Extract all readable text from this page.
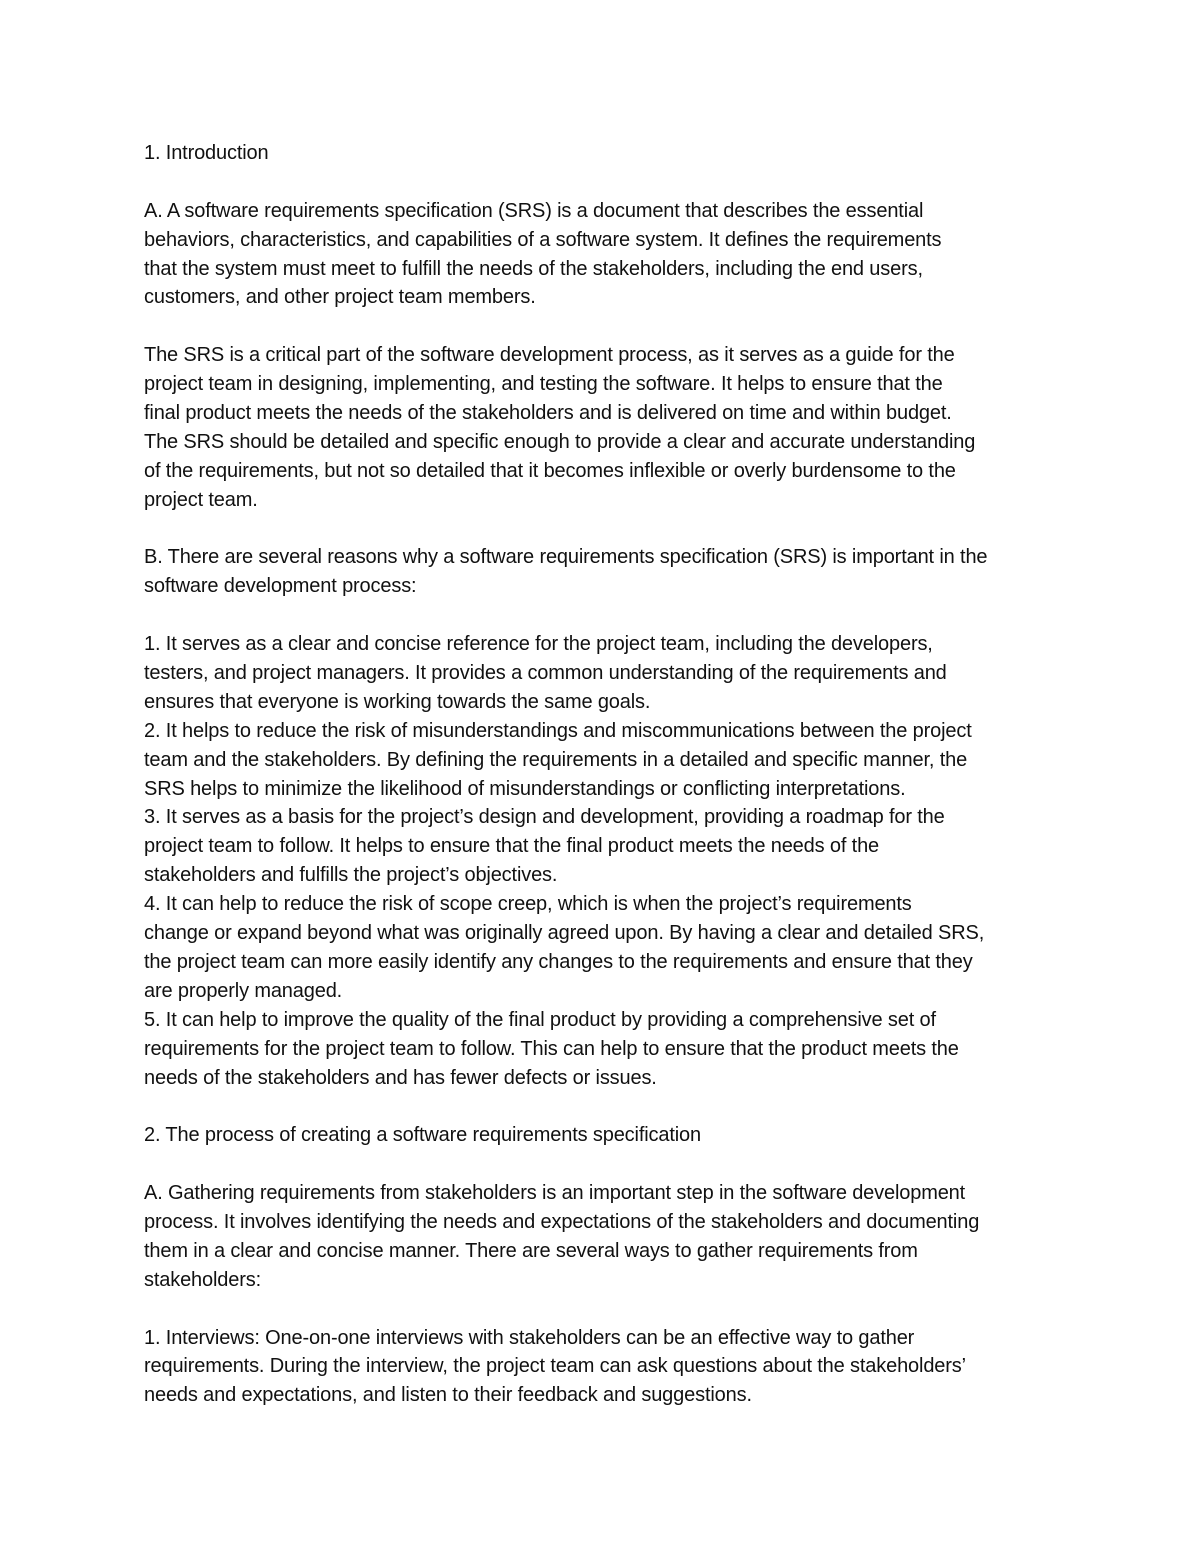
1. Introduction
A. A software requirements specification (SRS) is a document that describes the essential
behaviors, characteristics, and capabilities of a software system. It defines the requirements
that the system must meet to fulfill the needs of the stakeholders, including the end users,
customers, and other project team members.
The SRS is a critical part of the software development process, as it serves as a guide for the
project team in designing, implementing, and testing the software. It helps to ensure that the
final product meets the needs of the stakeholders and is delivered on time and within budget.
The SRS should be detailed and specific enough to provide a clear and accurate understanding
of the requirements, but not so detailed that it becomes inflexible or overly burdensome to the
project team.
B. There are several reasons why a software requirements specification (SRS) is important in the
software development process:
1. It serves as a clear and concise reference for the project team, including the developers,
testers, and project managers. It provides a common understanding of the requirements and
ensures that everyone is working towards the same goals.
2. It helps to reduce the risk of misunderstandings and miscommunications between the project
team and the stakeholders. By defining the requirements in a detailed and specific manner, the
SRS helps to minimize the likelihood of misunderstandings or conflicting interpretations.
3. It serves as a basis for the project’s design and development, providing a roadmap for the
project team to follow. It helps to ensure that the final product meets the needs of the
stakeholders and fulfills the project’s objectives.
4. It can help to reduce the risk of scope creep, which is when the project’s requirements
change or expand beyond what was originally agreed upon. By having a clear and detailed SRS,
the project team can more easily identify any changes to the requirements and ensure that they
are properly managed.
5. It can help to improve the quality of the final product by providing a comprehensive set of
requirements for the project team to follow. This can help to ensure that the product meets the
needs of the stakeholders and has fewer defects or issues.
2. The process of creating a software requirements specification
A. Gathering requirements from stakeholders is an important step in the software development
process. It involves identifying the needs and expectations of the stakeholders and documenting
them in a clear and concise manner. There are several ways to gather requirements from
stakeholders:
1. Interviews: One-on-one interviews with stakeholders can be an effective way to gather
requirements. During the interview, the project team can ask questions about the stakeholders’
needs and expectations, and listen to their feedback and suggestions.
